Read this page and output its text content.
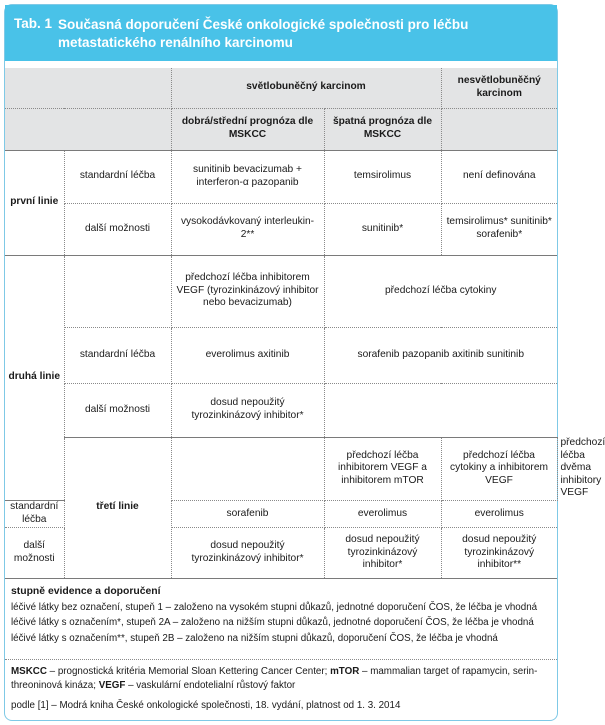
Tab. 1 Současná doporučení České onkologické společnosti pro léčbu metastatického renálního karcinomu
		světlobuněčný karcinom		nesvětlobuněčný karcinom	
		dobrá/střední prognóza dle MSKCC	špatná prognóza dle MSKCC		
první linie	standardní léčba	sunitinib bevacizumab + interferon-α pazopanib	temsirolimus	není definována	
	další možnosti	vysokodávkovaný interleukin-2**	sunitinib*	temsirolimus* sunitinib* sorafenib*	
druhá linie		předchozí léčba inhibitorem VEGF (tyrozinkinázový inhibitor nebo bevacizumab)	předchozí léčba cytokiny		
	standardní léčba	everolimus axitinib	sorafenib pazopanib axitinib sunitinib		
	další možnosti	dosud nepoužitý tyrozinkinázový inhibitor*			
	třetí linie		předchozí léčba inhibitorem VEGF a inhibitorem mTOR	předchozí léčba cytokiny a inhibitorem VEGF	předchozí léčba dvěma inhibitory VEGF
standardní léčba		sorafenib	everolimus	everolimus	
další možnosti		dosud nepoužitý tyrozinkinázový inhibitor*	dosud nepoužitý tyrozinkinázový inhibitor*	dosud nepoužitý tyrozinkinázový inhibitor**	
stupně evidence a doporučení
léčivé látky bez označení, stupeň 1 – založeno na vysokém stupni důkazů, jednotné doporučení ČOS, že léčba je vhodná
léčivé látky s označením*, stupeň 2A – založeno na nižším stupni důkazů, jednotné doporučení ČOS, že léčba je vhodná
léčivé látky s označením**, stupeň 2B – založeno na nižším stupni důkazů, doporučení ČOS, že léčba je vhodná
MSKCC – prognostická kritéria Memorial Sloan Kettering Cancer Center; mTOR – mammalian target of rapamycin, serin-threoninová kináza; VEGF – vaskulární endotelialní růstový faktor
podle [1] – Modrá kniha České onkologické společnosti, 18. vydání, platnost od 1. 3. 2014
